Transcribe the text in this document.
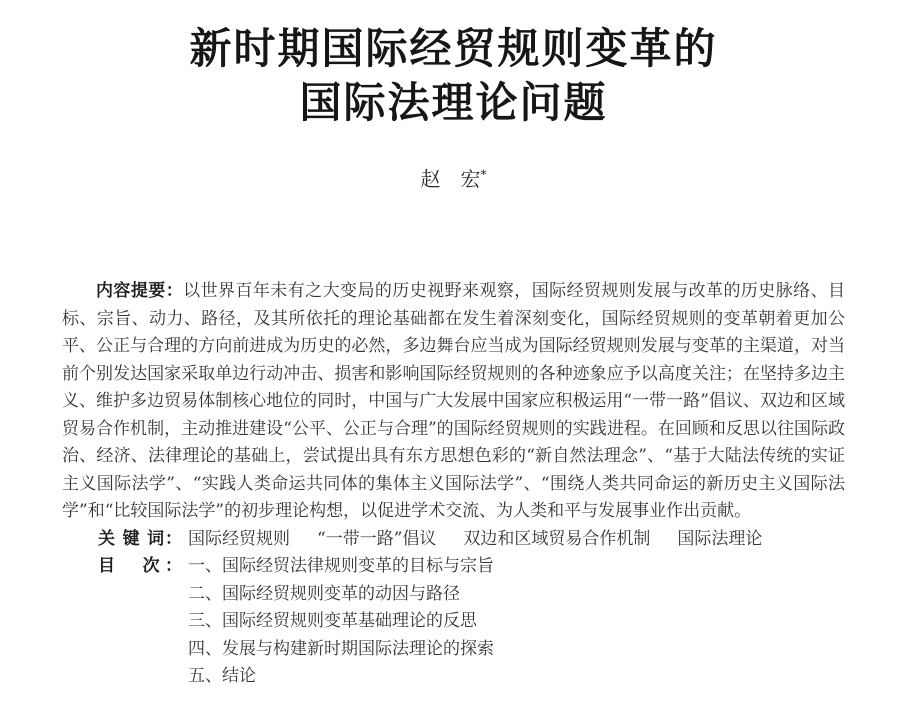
新时期国际经贸规则变革的
国际法理论问题
赵　宏*

内容提要：以世界百年未有之大变局的历史视野来观察，国际经贸规则发展与改革的历史脉络、目标、宗旨、动力、路径，及其所依托的理论基础都在发生着深刻变化，国际经贸规则的变革朝着更加公平、公正与合理的方向前进成为历史的必然，多边舞台应当成为国际经贸规则发展与变革的主渠道，对当前个别发达国家采取单边行动冲击、损害和影响国际经贸规则的各种迹象应予以高度关注；在坚持多边主义、维护多边贸易体制核心地位的同时，中国与广大发展中国家应积极运用“一带一路”倡议、双边和区域贸易合作机制，主动推进建设“公平、公正与合理”的国际经贸规则的实践进程。在回顾和反思以往国际政治、经济、法律理论的基础上，尝试提出具有东方思想色彩的“新自然法理念”、“基于大陆法传统的实证主义国际法学”、“实践人类命运共同体的集体主义国际法学”、“围绕人类共同命运的新历史主义国际法学”和“比较国际法学”的初步理论构想，以促进学术交流、为人类和平与发展事业作出贡献。

关 键 词： 国际经贸规则 “一带一路”倡议 双边和区域贸易合作机制 国际法理论
目　次： 一、国际经贸法律规则变革的目标与宗旨
二、国际经贸规则变革的动因与路径
三、国际经贸规则变革基础理论的反思
四、发展与构建新时期国际法理论的探索
五、结论
